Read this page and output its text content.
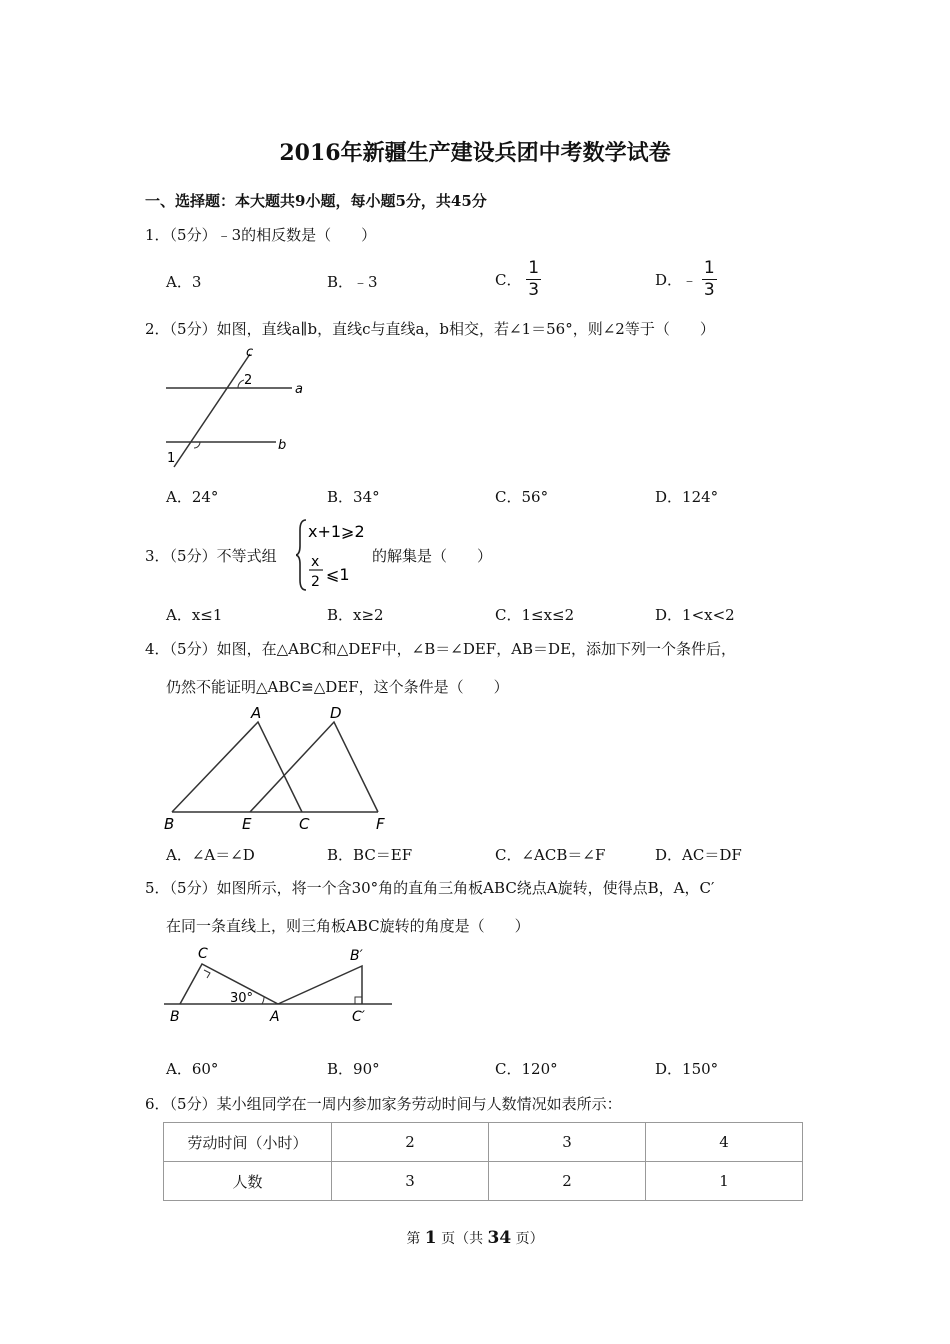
2016年新疆生产建设兵团中考数学试卷
一、选择题：本大题共9小题，每小题5分，共45分
1．（5分）﹣3的相反数是（　　）
A．3	B．﹣3	C． $\frac{1}{3}$	D．﹣ $\frac{1}{3}$
2．（5分）如图，直线a∥b，直线c与直线a，b相交，若∠1＝56°，则∠2等于（　　）
c
2
a
b
1
A．24°	B．34°	C．56°	D．124°
3．（5分）不等式组
x+1⩾2
x
2 ⩽1
的解集是（　　）
A．x≤1	B．x≥2	C．1≤x≤2	D．1<x<2
4．（5分）如图，在△ABC和△DEF中，∠B＝∠DEF，AB＝DE，添加下列一个条件后，
仍然不能证明△ABC≌△DEF，这个条件是（　　）
A	D
B	E	C	F
A．∠A＝∠D	B．BC＝EF	C．∠ACB＝∠F	D．AC＝DF
5．（5分）如图所示，将一个含30°角的直角三角板ABC绕点A旋转，使得点B，A，C′
在同一条直线上，则三角板ABC旋转的角度是（　　）
C	B′
30°
B	A	C′
A．60°	B．90°	C．120°	D．150°
6．（5分）某小组同学在一周内参加家务劳动时间与人数情况如表所示：
劳动时间（小时）	2	3	4
人数	3	2	1
第 1 页（共 34 页）
